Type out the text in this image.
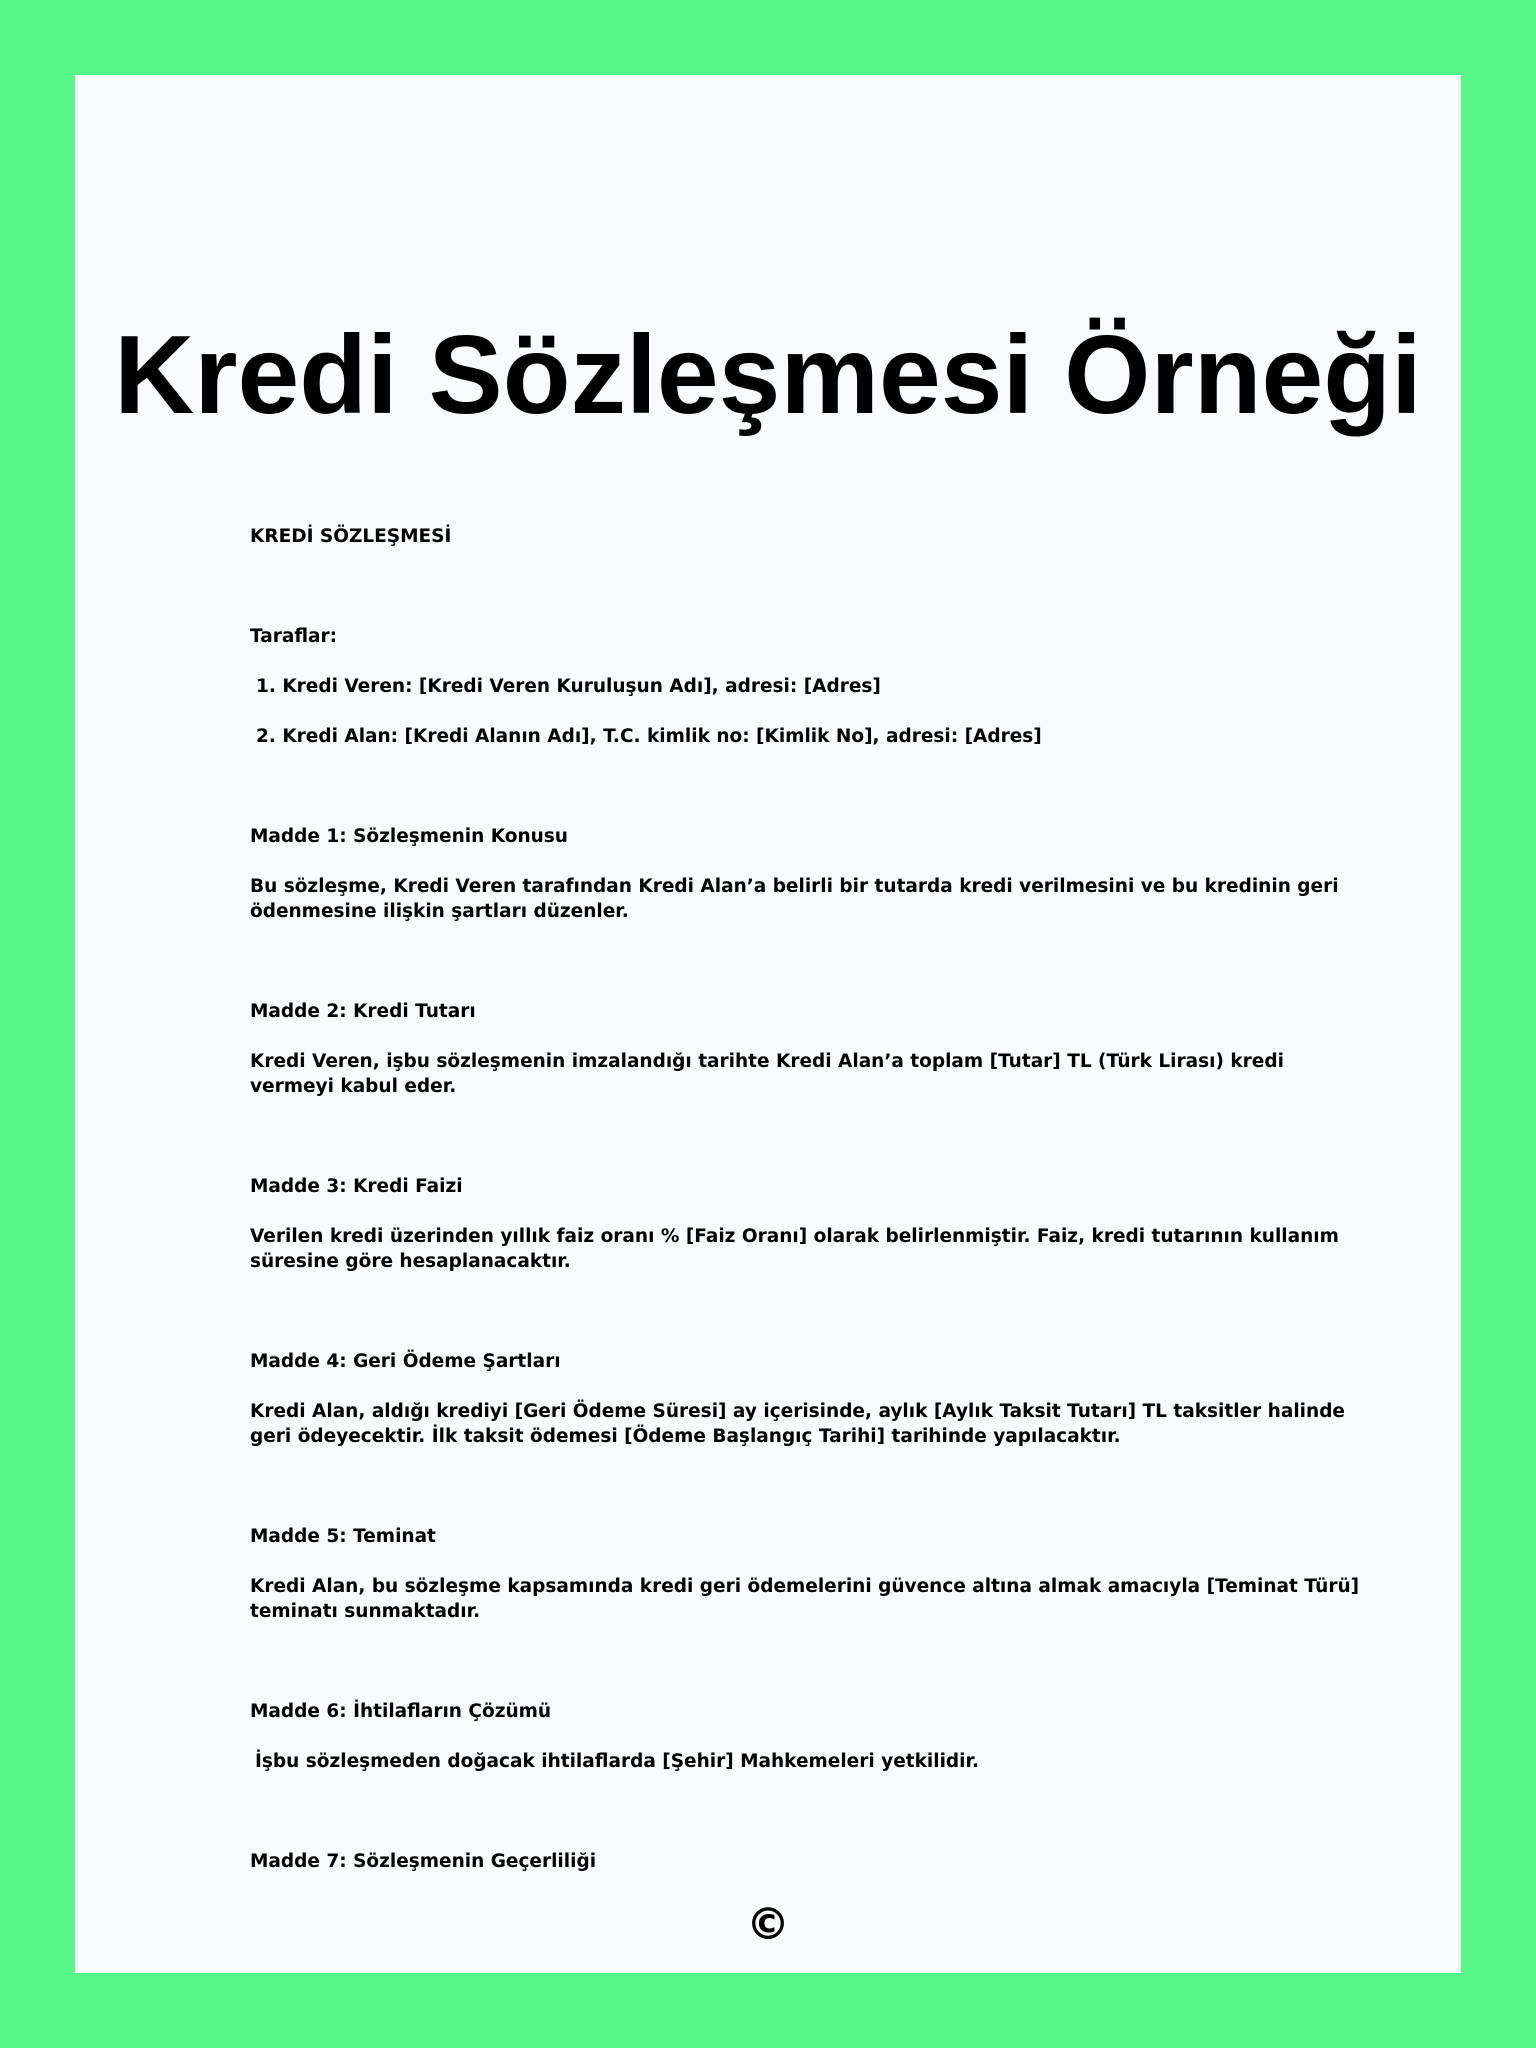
Kredi Sözleşmesi Örneği

KREDİ SÖZLEŞMESİ

Taraflar:

1. Kredi Veren: [Kredi Veren Kuruluşun Adı], adresi: [Adres]

2. Kredi Alan: [Kredi Alanın Adı], T.C. kimlik no: [Kimlik No], adresi: [Adres]

Madde 1: Sözleşmenin Konusu

Bu sözleşme, Kredi Veren tarafından Kredi Alan’a belirli bir tutarda kredi verilmesini ve bu kredinin geri ödenmesine ilişkin şartları düzenler.

Madde 2: Kredi Tutarı

Kredi Veren, işbu sözleşmenin imzalandığı tarihte Kredi Alan’a toplam [Tutar] TL (Türk Lirası) kredi vermeyi kabul eder.

Madde 3: Kredi Faizi

Verilen kredi üzerinden yıllık faiz oranı % [Faiz Oranı] olarak belirlenmiştir. Faiz, kredi tutarının kullanım süresine göre hesaplanacaktır.

Madde 4: Geri Ödeme Şartları

Kredi Alan, aldığı krediyi [Geri Ödeme Süresi] ay içerisinde, aylık [Aylık Taksit Tutarı] TL taksitler halinde geri ödeyecektir. İlk taksit ödemesi [Ödeme Başlangıç Tarihi] tarihinde yapılacaktır.

Madde 5: Teminat

Kredi Alan, bu sözleşme kapsamında kredi geri ödemelerini güvence altına almak amacıyla [Teminat Türü] teminatı sunmaktadır.

Madde 6: İhtilafların Çözümü

İşbu sözleşmeden doğacak ihtilaflarda [Şehir] Mahkemeleri yetkilidir.

Madde 7: Sözleşmenin Geçerliliği

©
